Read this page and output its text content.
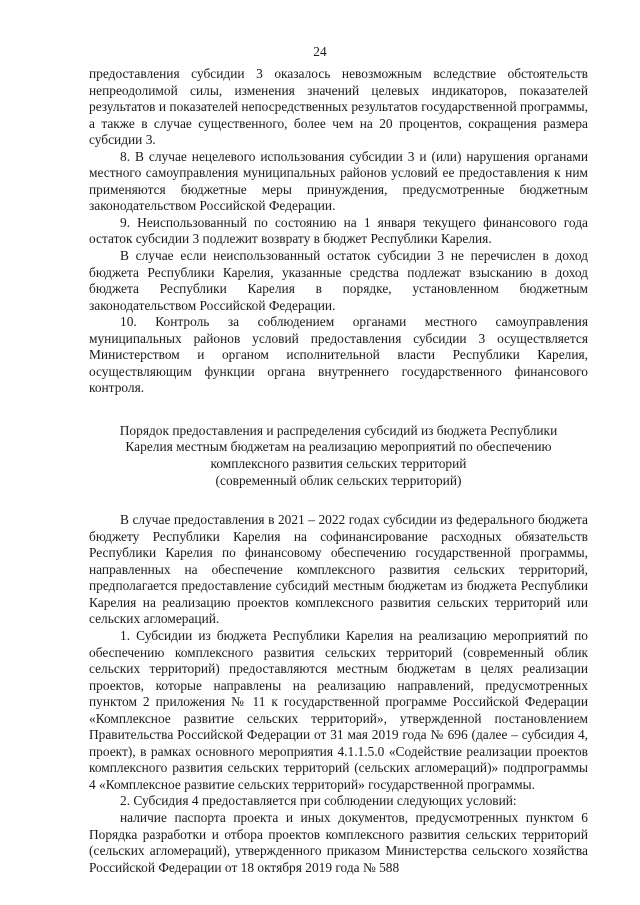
24

предоставления субсидии 3 оказалось невозможным вследствие обстоятельств непреодолимой силы, изменения значений целевых индикаторов, показателей результатов и показателей непосредственных результатов государственной программы, а также в случае существенного, более чем на 20 процентов, сокращения размера субсидии 3.

8. В случае нецелевого использования субсидии 3 и (или) нарушения органами местного самоуправления муниципальных районов условий ее предоставления к ним применяются бюджетные меры принуждения, предусмотренные бюджетным законодательством Российской Федерации.

9. Неиспользованный по состоянию на 1 января текущего финансового года остаток субсидии 3 подлежит возврату в бюджет Республики Карелия.

В случае если неиспользованный остаток субсидии 3 не перечислен в доход бюджета Республики Карелия, указанные средства подлежат взысканию в доход бюджета Республики Карелия в порядке, установленном бюджетным законодательством Российской Федерации.

10. Контроль за соблюдением органами местного самоуправления муниципальных районов условий предоставления субсидии 3 осуществляется Министерством и органом исполнительной власти Республики Карелия, осуществляющим функции органа внутреннего государственного финансового контроля.

Порядок предоставления и распределения субсидий из бюджета Республики
Карелия местным бюджетам на реализацию мероприятий по обеспечению
комплексного развития сельских территорий
(современный облик сельских территорий)

В случае предоставления в 2021 – 2022 годах субсидии из федерального бюджета бюджету Республики Карелия на софинансирование расходных обязательств Республики Карелия по финансовому обеспечению государственной программы, направленных на обеспечение комплексного развития сельских территорий, предполагается предоставление субсидий местным бюджетам из бюджета Республики Карелия на реализацию проектов комплексного развития сельских территорий или сельских агломераций.

1. Субсидии из бюджета Республики Карелия на реализацию мероприятий по обеспечению комплексного развития сельских территорий (современный облик сельских территорий) предоставляются местным бюджетам в целях реализации проектов, которые направлены на реализацию направлений, предусмотренных пунктом 2 приложения № 11 к государственной программе Российской Федерации «Комплексное развитие сельских территорий», утвержденной постановлением Правительства Российской Федерации от 31 мая 2019 года № 696 (далее – субсидия 4, проект), в рамках основного мероприятия 4.1.1.5.0 «Содействие реализации проектов комплексного развития сельских территорий (сельских агломераций)» подпрограммы 4 «Комплексное развитие сельских территорий» государственной программы.

2. Субсидия 4 предоставляется при соблюдении следующих условий:

наличие паспорта проекта и иных документов, предусмотренных пунктом 6 Порядка разработки и отбора проектов комплексного развития сельских территорий (сельских агломераций), утвержденного приказом Министерства сельского хозяйства Российской Федерации от 18 октября 2019 года № 588
